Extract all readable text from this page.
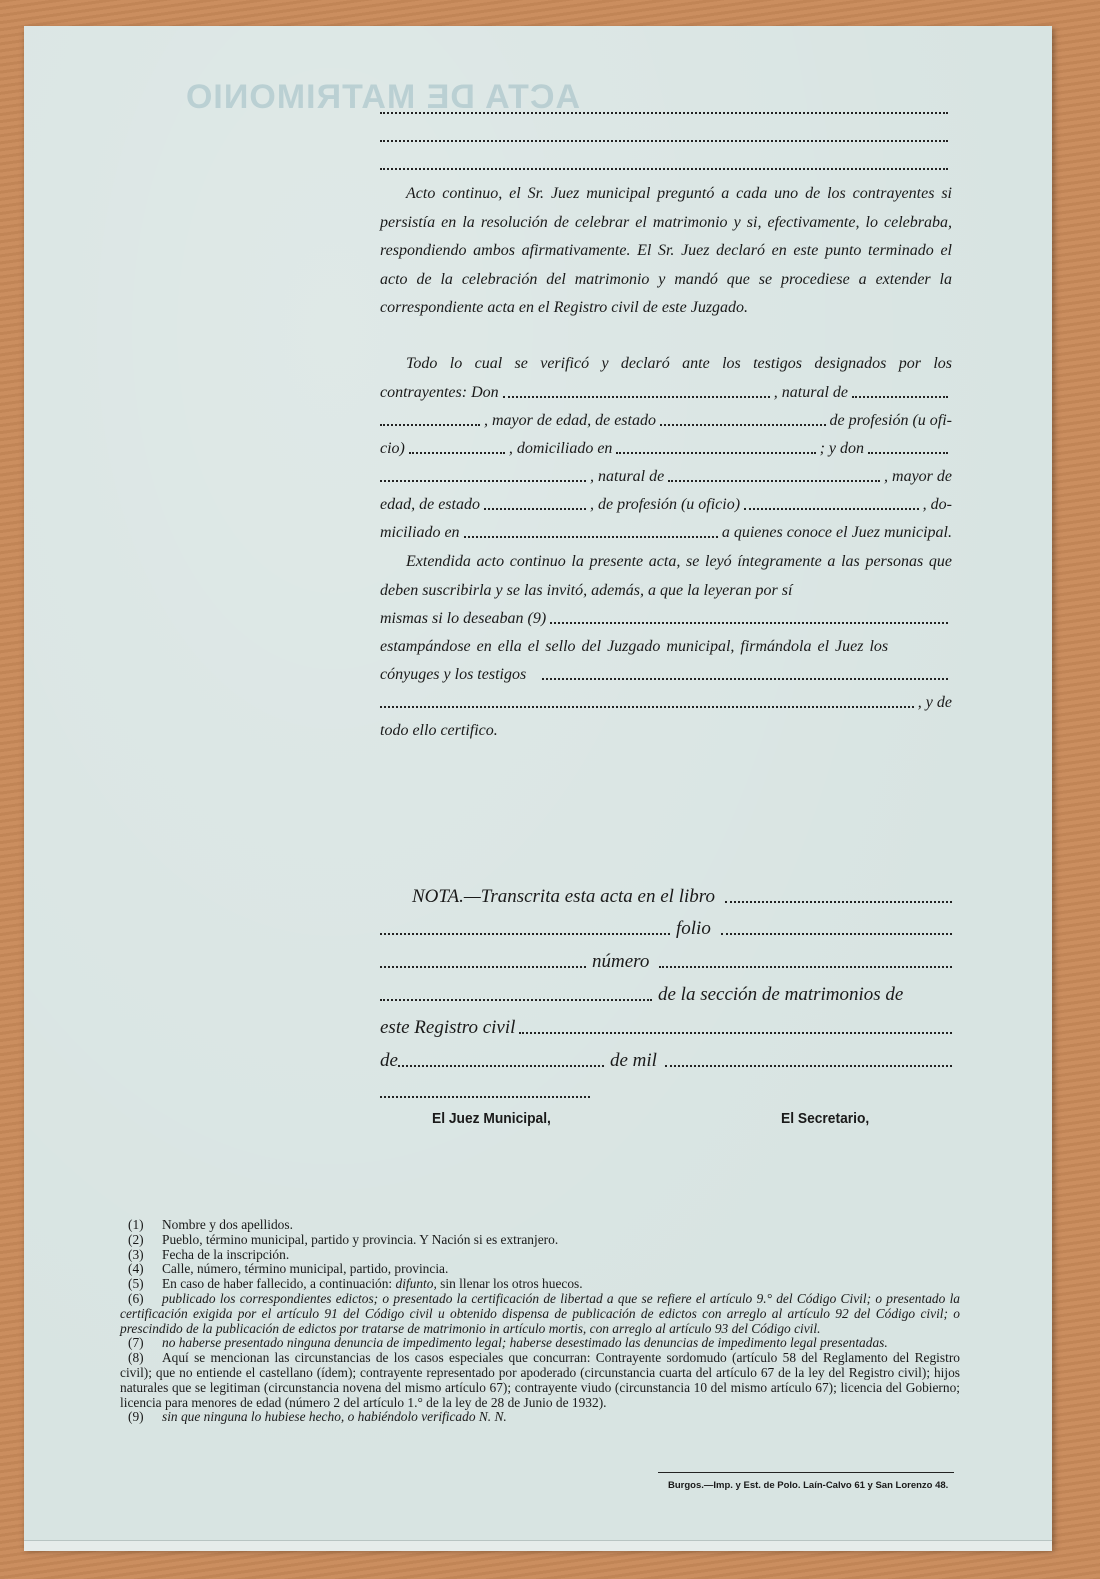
ACTA DE MATRIMONIO
Acto continuo, el Sr. Juez municipal preguntó a cada uno de los contrayentes si persistía en la resolución de celebrar el matrimonio y si, efectivamente, lo celebraba, respondiendo ambos afirmativamente. El Sr. Juez declaró en este punto terminado el acto de la celebración del matrimonio y mandó que se procediese a extender la correspondiente acta en el Registro civil de este Juzgado.
Todo lo cual se verificó y declaró ante los testigos designados por los
contrayentes: Don	, natural de
, mayor de edad, de estado	de profesión (u ofi-
cio)	, domiciliado en	; y don
, natural de	, mayor de
edad, de estado	, de profesión (u oficio)	, do-
miciliado en	a quienes conoce el Juez municipal.
Extendida acto continuo la presente acta, se leyó íntegramente a las personas que deben suscribirla y se las invitó, además, a que la leyeran por sí
mismas si lo deseaban (9)
estampándose en ella el sello del Juzgado municipal, firmándola el Juez los
cónyuges y los testigos
, y de
todo ello certifico.
NOTA.—Transcrita esta acta en el libro
folio
número
de la sección de matrimonios de
este Registro civil
de	de mil
El Juez Municipal,	El Secretario,

(1) Nombre y dos apellidos.

(2) Pueblo, término municipal, partido y provincia. Y Nación si es extranjero.

(3) Fecha de la inscripción.

(4) Calle, número, término municipal, partido, provincia.

(5) En caso de haber fallecido, a continuación: difunto, sin llenar los otros huecos.

(6) publicado los correspondientes edictos; o presentado la certificación de libertad a que se refiere el artículo 9.° del Código Civil; o presentado la certificación exigida por el artículo 91 del Código civil u obtenido dispensa de publicación de edictos con arreglo al artículo 92 del Código civil; o prescindido de la publicación de edictos por tratarse de matrimonio in artículo mortis, con arreglo al artículo 93 del Código civil.

(7) no haberse presentado ninguna denuncia de impedimento legal; haberse desestimado las denuncias de impedimento legal presentadas.

(8) Aquí se mencionan las circunstancias de los casos especiales que concurran: Contrayente sordomudo (artículo 58 del Reglamento del Registro civil); que no entiende el castellano (ídem); contrayente representado por apoderado (circunstancia cuarta del artículo 67 de la ley del Registro civil); hijos naturales que se legitiman (circunstancia novena del mismo artículo 67); contrayente viudo (circunstancia 10 del mismo artículo 67); licencia del Gobierno; licencia para menores de edad (número 2 del artículo 1.° de la ley de 28 de Junio de 1932).

(9) sin que ninguna lo hubiese hecho, o habiéndolo verificado N. N.

Burgos.—Imp. y Est. de Polo. Laín-Calvo 61 y San Lorenzo 48.
